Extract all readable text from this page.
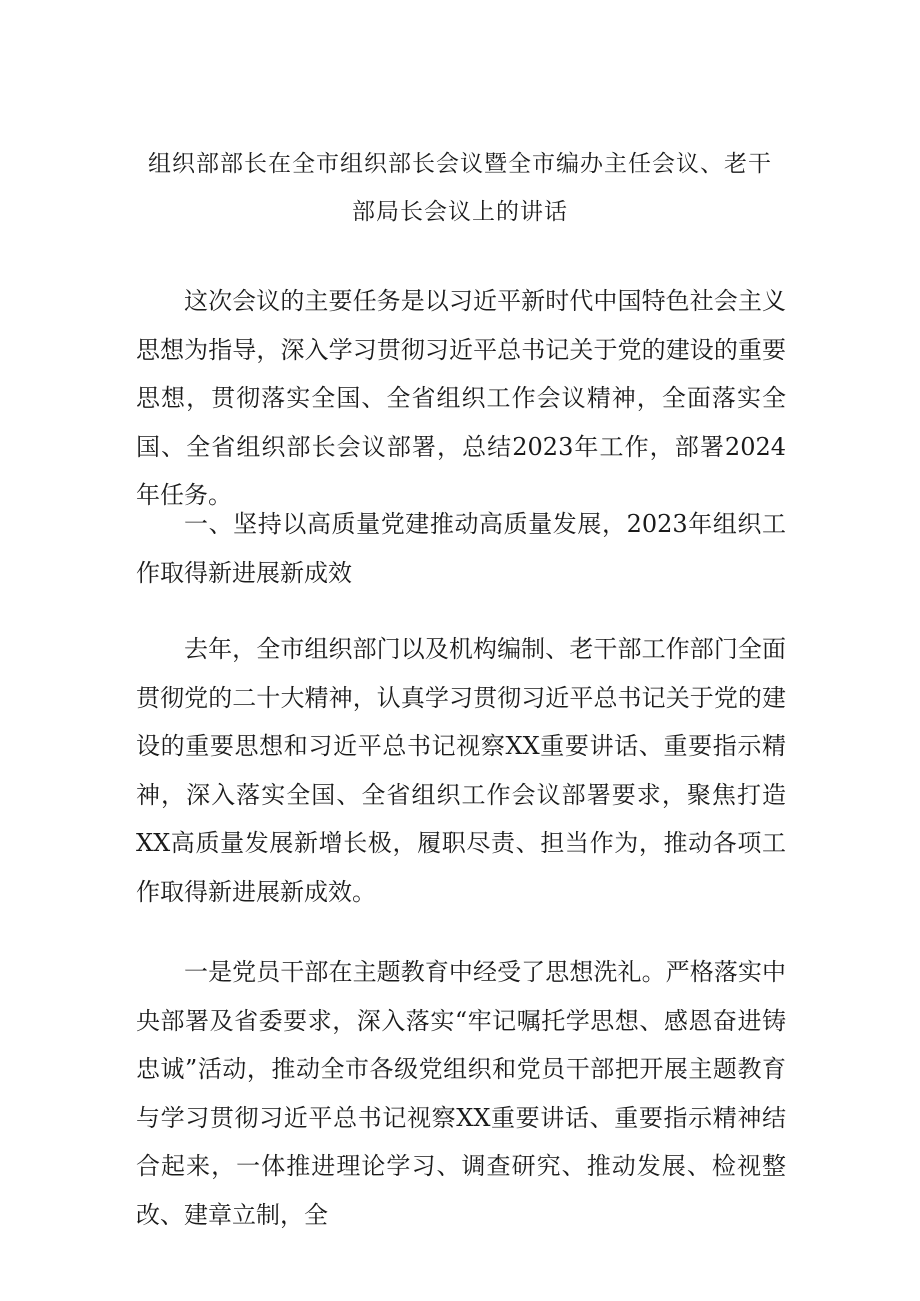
组织部部长在全市组织部长会议暨全市编办主任会议、老干部局长会议上的讲话

这次会议的主要任务是以习近平新时代中国特色社会主义思想为指导，深入学习贯彻习近平总书记关于党的建设的重要思想，贯彻落实全国、全省组织工作会议精神，全面落实全国、全省组织部长会议部署，总结2023年工作，部署2024年任务。

一、坚持以高质量党建推动高质量发展，2023年组织工作取得新进展新成效

去年，全市组织部门以及机构编制、老干部工作部门全面贯彻党的二十大精神，认真学习贯彻习近平总书记关于党的建设的重要思想和习近平总书记视察XX重要讲话、重要指示精神，深入落实全国、全省组织工作会议部署要求，聚焦打造XX高质量发展新增长极，履职尽责、担当作为，推动各项工作取得新进展新成效。

一是党员干部在主题教育中经受了思想洗礼。严格落实中央部署及省委要求，深入落实“牢记嘱托学思想、感恩奋进铸忠诚”活动，推动全市各级党组织和党员干部把开展主题教育与学习贯彻习近平总书记视察XX重要讲话、重要指示精神结合起来，一体推进理论学习、调查研究、推动发展、检视整改、建章立制，全
